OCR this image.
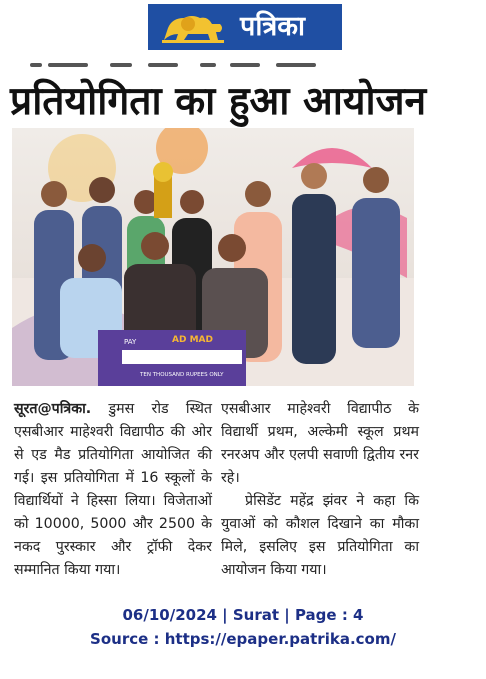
पत्रिका
प्रतियोगिता का हुआ आयोजन
PAY	AD MAD
TEN THOUSAND RUPEES ONLY

सूरत@पत्रिका. डुमस रोड स्थित एसबीआर माहेश्वरी विद्यापीठ की ओर से एड मैड प्रतियोगिता आयोजित की गई। इस प्रतियोगिता में 16 स्कूलों के विद्यार्थियों ने हिस्सा लिया। विजेताओं को 10000, 5000 और 2500 के नकद पुरस्कार और ट्रॉफी देकर सम्मानित किया गया।

एसबीआर माहेश्वरी विद्यापीठ के विद्यार्थी प्रथम, अल्केमी स्कूल प्रथम रनरअप और एलपी सवाणी द्वितीय रनर रहे।

प्रेसिडेंट महेंद्र झंवर ने कहा कि युवाओं को कौशल दिखाने का मौका मिले, इसलिए इस प्रतियोगिता का आयोजन किया गया।

06/10/2024 | Surat | Page : 4
Source : https://epaper.patrika.com/
